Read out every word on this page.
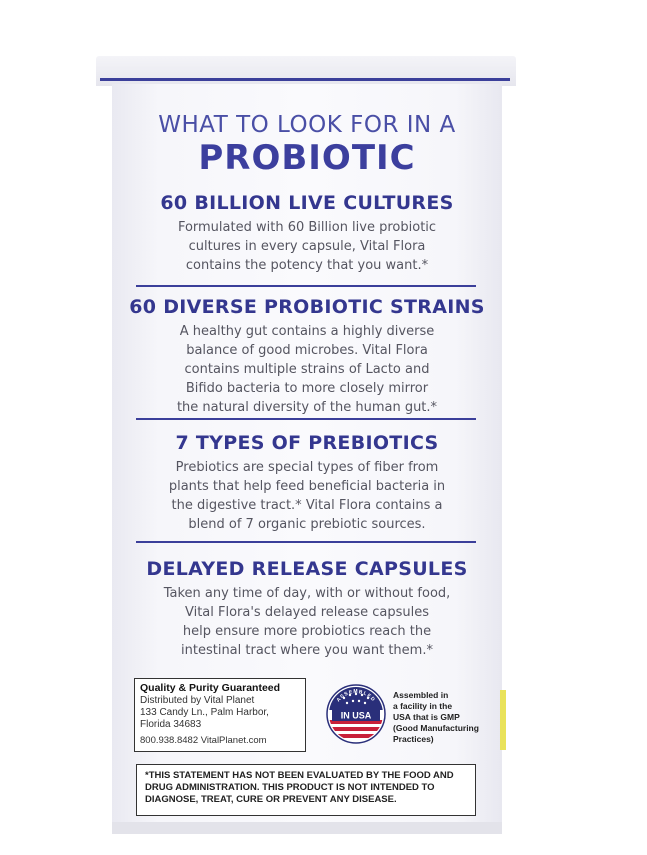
WHAT TO LOOK FOR IN A
PROBIOTIC
60 BILLION LIVE CULTURES
Formulated with 60 Billion live probiotic
cultures in every capsule, Vital Flora
contains the potency that you want.*
60 DIVERSE PROBIOTIC STRAINS
A healthy gut contains a highly diverse
balance of good microbes. Vital Flora
contains multiple strains of Lacto and
Bifido bacteria to more closely mirror
the natural diversity of the human gut.*
7 TYPES OF PREBIOTICS
Prebiotics are special types of fiber from
plants that help feed beneficial bacteria in
the digestive tract.* Vital Flora contains a
blend of 7 organic prebiotic sources.
DELAYED RELEASE CAPSULES
Taken any time of day, with or without food,
Vital Flora's delayed release capsules
help ensure more probiotics reach the
intestinal tract where you want them.*
Quality & Purity Guaranteed
Distributed by Vital Planet
133 Candy Ln., Palm Harbor,
Florida 34683
800.938.8482 VitalPlanet.com
ASSEMBLED
IN USA
Assembled in
a facility in the
USA that is GMP
(Good Manufacturing
Practices)
*THIS STATEMENT HAS NOT BEEN EVALUATED BY THE FOOD AND DRUG ADMINISTRATION. THIS PRODUCT IS NOT INTENDED TO DIAGNOSE, TREAT, CURE OR PREVENT ANY DISEASE.
